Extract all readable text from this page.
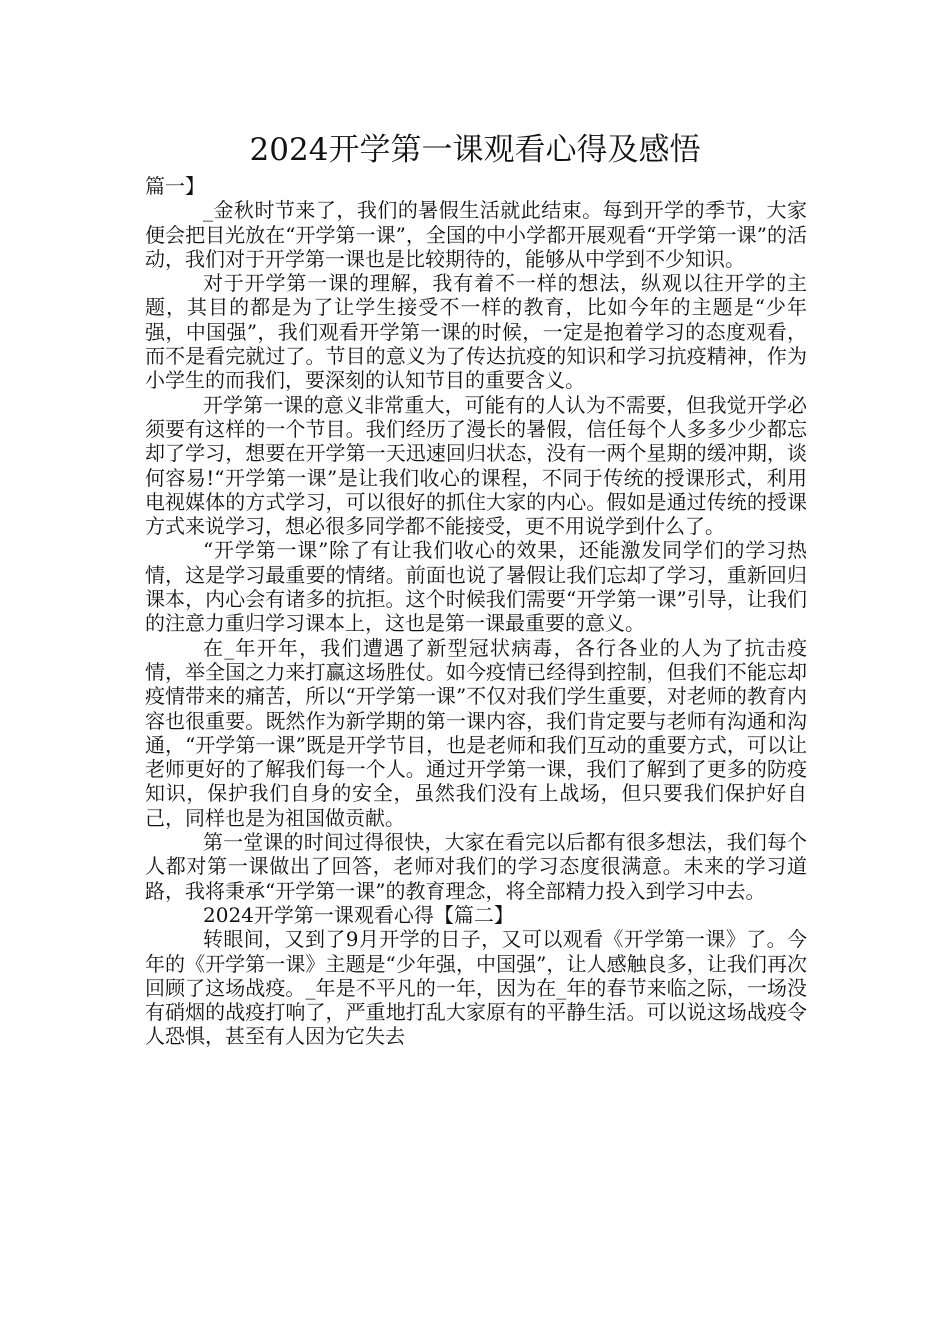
2024开学第一课观看心得及感悟

篇一】

_金秋时节来了，我们的暑假生活就此结束。每到开学的季节，大家便会把目光放在“开学第一课”，全国的中小学都开展观看“开学第一课”的活动，我们对于开学第一课也是比较期待的，能够从中学到不少知识。

对于开学第一课的理解，我有着不一样的想法，纵观以往开学的主题，其目的都是为了让学生接受不一样的教育，比如今年的主题是“少年强，中国强”，我们观看开学第一课的时候，一定是抱着学习的态度观看，而不是看完就过了。节目的意义为了传达抗疫的知识和学习抗疫精神，作为小学生的而我们，要深刻的认知节目的重要含义。

开学第一课的意义非常重大，可能有的人认为不需要，但我觉开学必须要有这样的一个节目。我们经历了漫长的暑假，信任每个人多多少少都忘却了学习，想要在开学第一天迅速回归状态，没有一两个星期的缓冲期，谈何容易!“开学第一课”是让我们收心的课程，不同于传统的授课形式，利用电视媒体的方式学习，可以很好的抓住大家的内心。假如是通过传统的授课方式来说学习，想必很多同学都不能接受，更不用说学到什么了。

“开学第一课”除了有让我们收心的效果，还能激发同学们的学习热情，这是学习最重要的情绪。前面也说了暑假让我们忘却了学习，重新回归课本，内心会有诸多的抗拒。这个时候我们需要“开学第一课”引导，让我们的注意力重归学习课本上，这也是第一课最重要的意义。

在_年开年，我们遭遇了新型冠状病毒，各行各业的人为了抗击疫情，举全国之力来打赢这场胜仗。如今疫情已经得到控制，但我们不能忘却疫情带来的痛苦，所以“开学第一课”不仅对我们学生重要，对老师的教育内容也很重要。既然作为新学期的第一课内容，我们肯定要与老师有沟通和沟通，“开学第一课”既是开学节目，也是老师和我们互动的重要方式，可以让老师更好的了解我们每一个人。通过开学第一课，我们了解到了更多的防疫知识，保护我们自身的安全，虽然我们没有上战场，但只要我们保护好自己，同样也是为祖国做贡献。

第一堂课的时间过得很快，大家在看完以后都有很多想法，我们每个人都对第一课做出了回答，老师对我们的学习态度很满意。未来的学习道路，我将秉承“开学第一课”的教育理念，将全部精力投入到学习中去。

2024开学第一课观看心得【篇二】

转眼间，又到了9月开学的日子，又可以观看《开学第一课》了。今年的《开学第一课》主题是“少年强，中国强”，让人感触良多，让我们再次回顾了这场战疫。_年是不平凡的一年，因为在_年的春节来临之际，一场没有硝烟的战疫打响了，严重地打乱大家原有的平静生活。可以说这场战疫令人恐惧，甚至有人因为它失去
